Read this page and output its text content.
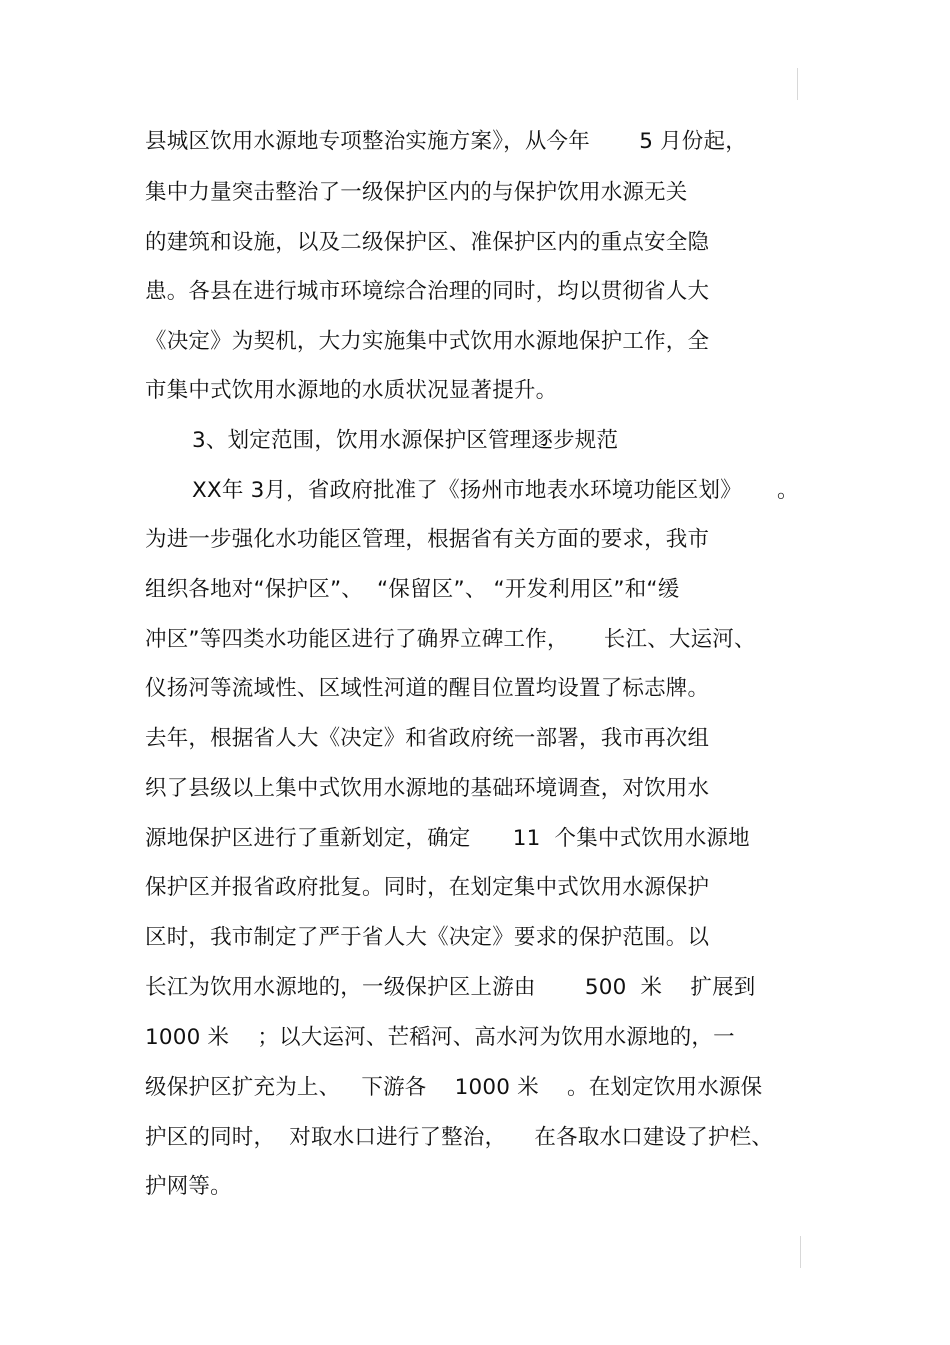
县城区饮用水源地专项整治实施方案》，从今年       5 月份起，
集中力量突击整治了一级保护区内的与保护饮用水源无关
的建筑和设施，以及二级保护区、准保护区内的重点安全隐
患。各县在进行城市环境综合治理的同时，均以贯彻省人大
《决定》为契机，大力实施集中式饮用水源地保护工作，全
市集中式饮用水源地的水质状况显著提升。
3、划定范围，饮用水源保护区管理逐步规范
XX年 3月，省政府批准了《扬州市地表水环境功能区划》     。
为进一步强化水功能区管理，根据省有关方面的要求，我市
组织各地对“保护区”、  “保留区”、 “开发利用区”和“缓
冲区”等四类水功能区进行了确界立碑工作，     长江、大运河、
仪扬河等流域性、区域性河道的醒目位置均设置了标志牌。
去年，根据省人大《决定》和省政府统一部署，我市再次组
织了县级以上集中式饮用水源地的基础环境调查，对饮用水
源地保护区进行了重新划定，确定      11  个集中式饮用水源地
保护区并报省政府批复。同时，在划定集中式饮用水源保护
区时，我市制定了严于省人大《决定》要求的保护范围。以
长江为饮用水源地的，一级保护区上游由       500  米    扩展到
1000 米    ；以大运河、芒稻河、高水河为饮用水源地的，一
级保护区扩充为上、   下游各    1000 米    。在划定饮用水源保
护区的同时，  对取水口进行了整治，    在各取水口建设了护栏、
护网等。
